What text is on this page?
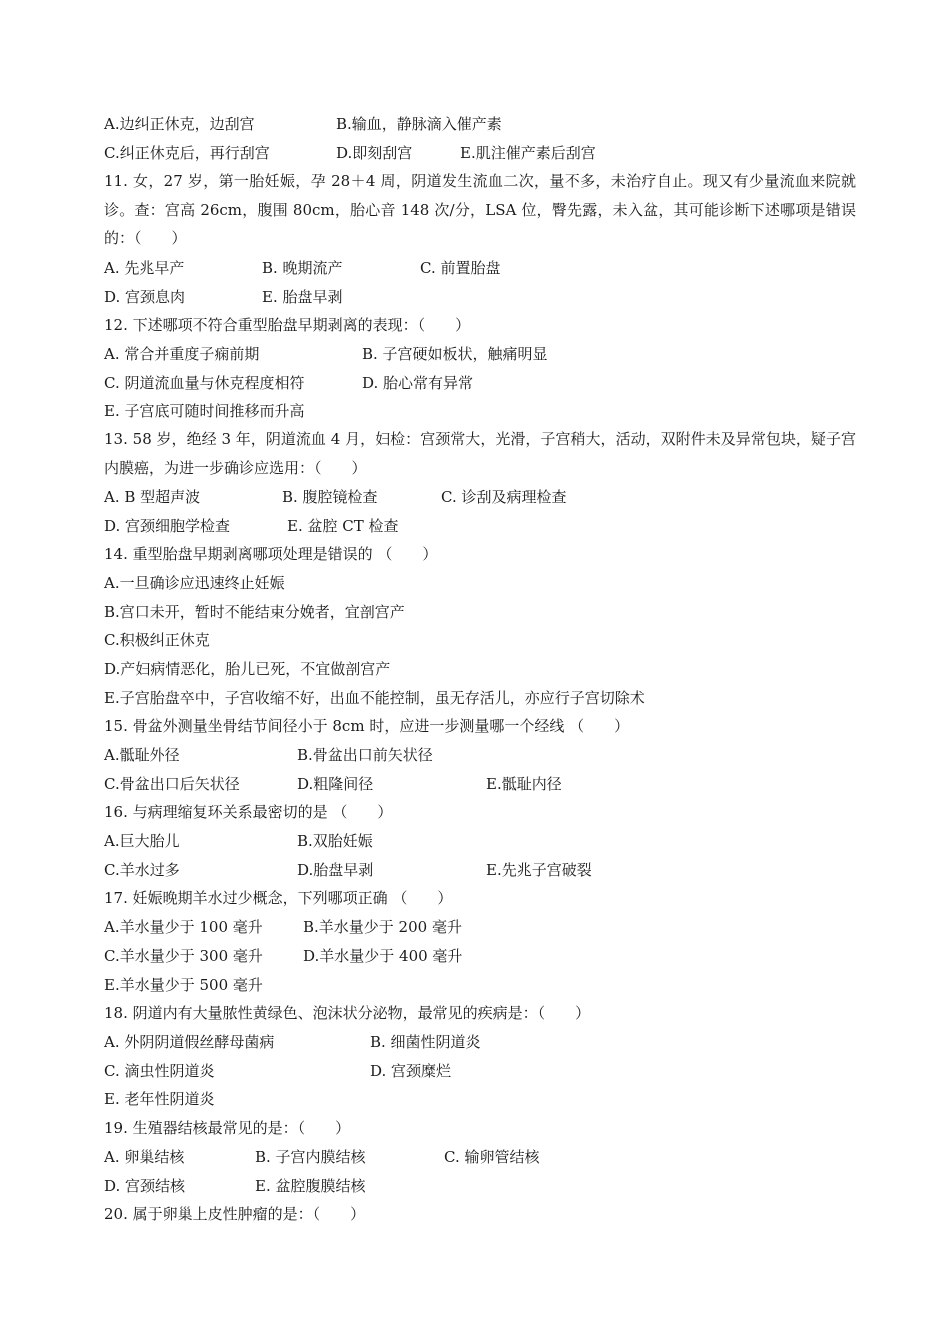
A.边纠正休克，边刮宫	B.输血，静脉滴入催产素
C.纠正休克后，再行刮宫	D.即刻刮宫	E.肌注催产素后刮宫
11. 女，27 岁，第一胎妊娠，孕 28＋4 周，阴道发生流血二次，量不多，未治疗自止。现又有少量流血来院就诊。查：宫高 26cm，腹围 80cm，胎心音 148 次/分，LSA 位，臀先露，未入盆，其可能诊断下述哪项是错误的：（　　）
A. 先兆早产	B. 晚期流产	C. 前置胎盘
D. 宫颈息肉	E. 胎盘早剥
12. 下述哪项不符合重型胎盘早期剥离的表现：（　　）
A. 常合并重度子痫前期	B. 子宫硬如板状，触痛明显
C. 阴道流血量与休克程度相符	D. 胎心常有异常
E. 子宫底可随时间推移而升高
13. 58 岁，绝经 3 年，阴道流血 4 月，妇检：宫颈常大，光滑，子宫稍大，活动，双附件未及异常包块，疑子宫内膜癌，为进一步确诊应选用：（　　）
A. B 型超声波	B. 腹腔镜检查	C. 诊刮及病理检查
D. 宫颈细胞学检查	E. 盆腔 CT 检查
14. 重型胎盘早期剥离哪项处理是错误的 （　　）
A.一旦确诊应迅速终止妊娠
B.宫口未开，暂时不能结束分娩者，宜剖宫产
C.积极纠正休克
D.产妇病情恶化，胎儿已死，不宜做剖宫产
E.子宫胎盘卒中，子宫收缩不好，出血不能控制，虽无存活儿，亦应行子宫切除术
15. 骨盆外测量坐骨结节间径小于 8cm 时，应进一步测量哪一个经线 （　　）
A.骶耻外径	B.骨盆出口前矢状径
C.骨盆出口后矢状径	D.粗隆间径	E.骶耻内径
16. 与病理缩复环关系最密切的是 （　　）
A.巨大胎儿	B.双胎妊娠
C.羊水过多	D.胎盘早剥	E.先兆子宫破裂
17. 妊娠晚期羊水过少概念，下列哪项正确 （　　）
A.羊水量少于 100 毫升	B.羊水量少于 200 毫升
C.羊水量少于 300 毫升	D.羊水量少于 400 毫升
E.羊水量少于 500 毫升
18. 阴道内有大量脓性黄绿色、泡沫状分泌物，最常见的疾病是：（　　）
A. 外阴阴道假丝酵母菌病	B. 细菌性阴道炎
C. 滴虫性阴道炎	D. 宫颈糜烂
E. 老年性阴道炎
19. 生殖器结核最常见的是：（　　）
A. 卵巢结核	B. 子宫内膜结核	C. 输卵管结核
D. 宫颈结核	E. 盆腔腹膜结核
20. 属于卵巢上皮性肿瘤的是：（　　）
